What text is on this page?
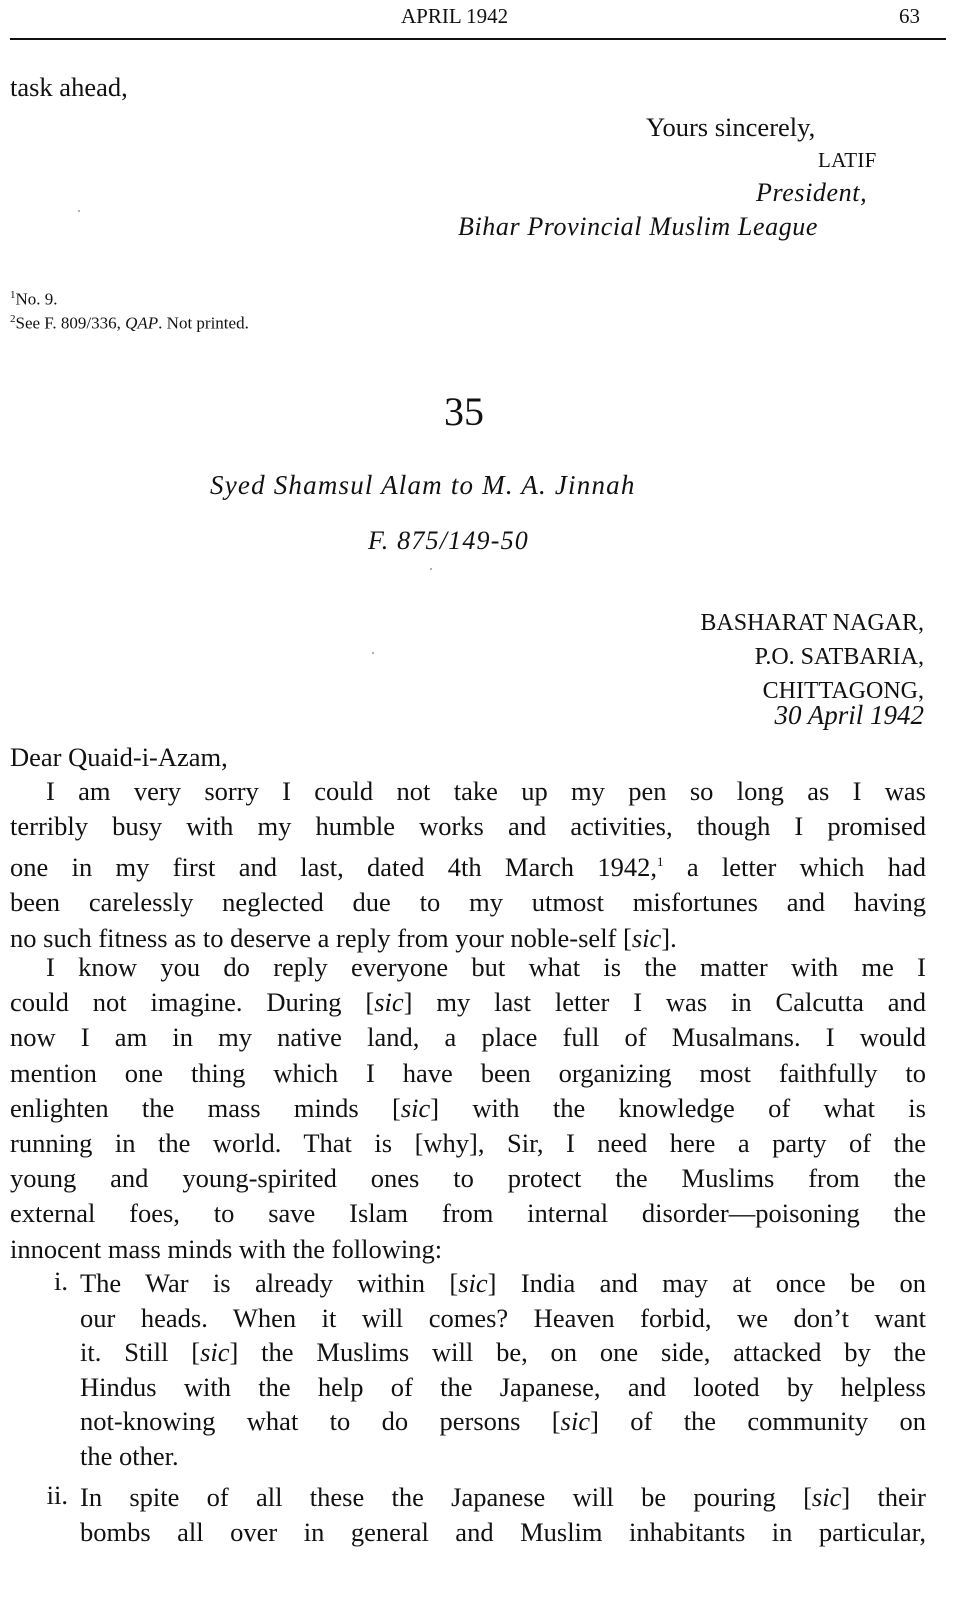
APRIL 1942	63
task ahead,
Yours sincerely,
LATIF
President,
Bihar Provincial Muslim League
$^1$No. 9.
$^2$See F. 809/336, QAP. Not printed.
35
Syed Shamsul Alam to M. A. Jinnah
F. 875/149-50
BASHARAT NAGAR,
P.O. SATBARIA,
CHITTAGONG,
30 April 1942
Dear Quaid-i-Azam,
I am very sorry I could not take up my pen so long as I was
terribly busy with my humble works and activities, though I promised
one in my first and last, dated 4th March 1942,$^1$ a letter which had
been carelessly neglected due to my utmost misfortunes and having
no such fitness as to deserve a reply from your noble-self [sic].
I know you do reply everyone but what is the matter with me I
could not imagine. During [sic] my last letter I was in Calcutta and
now I am in my native land, a place full of Musalmans. I would
mention one thing which I have been organizing most faithfully to
enlighten the mass minds [sic] with the knowledge of what is
running in the world. That is [why], Sir, I need here a party of the
young and young-spirited ones to protect the Muslims from the
external foes, to save Islam from internal disorder—poisoning the
innocent mass minds with the following:
i. The War is already within [sic] India and may at once be on
our heads. When it will comes? Heaven forbid, we don’t want
it. Still [sic] the Muslims will be, on one side, attacked by the
Hindus with the help of the Japanese, and looted by helpless
not-knowing what to do persons [sic] of the community on
the other.
ii. In spite of all these the Japanese will be pouring [sic] their
bombs all over in general and Muslim inhabitants in particular,
